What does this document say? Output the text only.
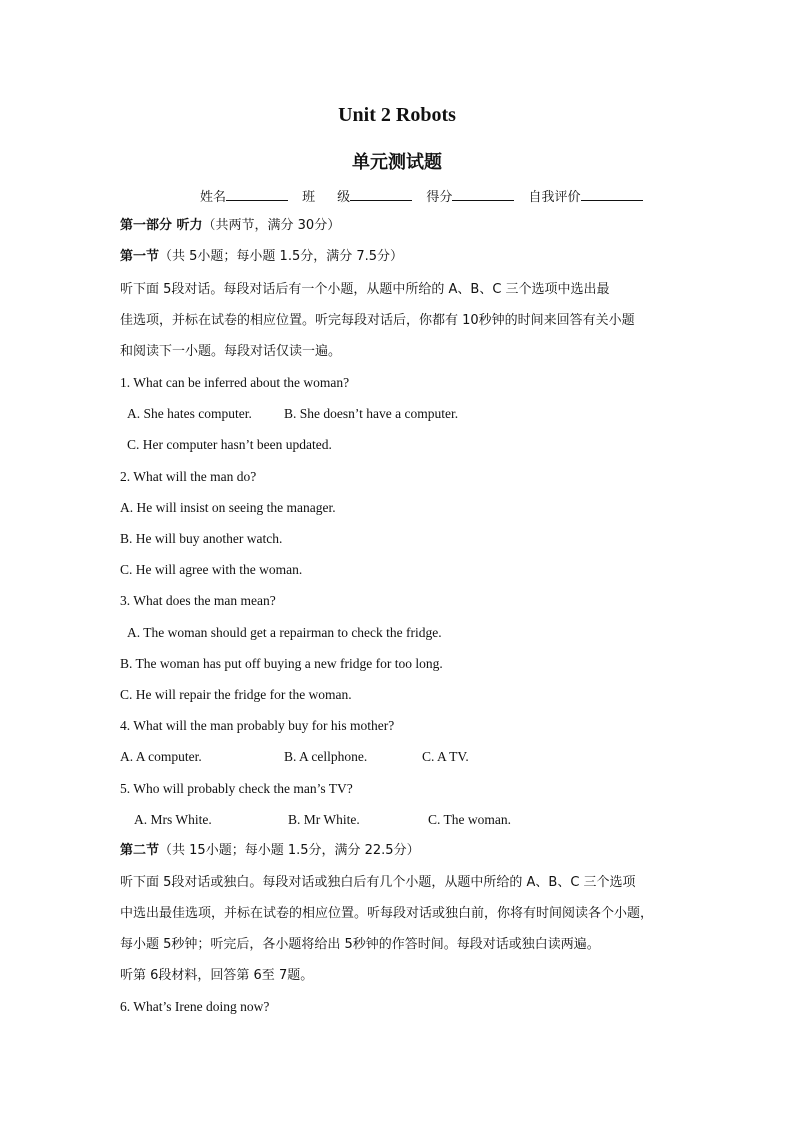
Unit 2 Robots
单元测试题
姓名	班 级	得分	自我评价
第一部分 听力（共两节，满分 30分）
第一节（共 5小题；每小题 1.5分，满分 7.5分）
听下面 5段对话。每段对话后有一个小题，从题中所给的 A、B、C 三个选项中选出最
佳选项，并标在试卷的相应位置。听完每段对话后，你都有 10秒钟的时间来回答有关小题
和阅读下一小题。每段对话仅读一遍。
1. What can be inferred about the woman?
A. She hates computer. B. She doesn’t have a computer.
C. Her computer hasn’t been updated.
2. What will the man do?
A. He will insist on seeing the manager.
B. He will buy another watch.
C. He will agree with the woman.
3. What does the man mean?
A. The woman should get a repairman to check the fridge.
B. The woman has put off buying a new fridge for too long.
C. He will repair the fridge for the woman.
4. What will the man probably buy for his mother?
A. A computer.	B. A cellphone.	C. A TV.
5. Who will probably check the man’s TV?
A. Mrs White.	B. Mr White.	C. The woman.
第二节（共 15小题；每小题 1.5分，满分 22.5分）
听下面 5段对话或独白。每段对话或独白后有几个小题，从题中所给的 A、B、C 三个选项
中选出最佳选项，并标在试卷的相应位置。听每段对话或独白前，你将有时间阅读各个小题，
每小题 5秒钟；听完后，各小题将给出 5秒钟的作答时间。每段对话或独白读两遍。
听第 6段材料，回答第 6至 7题。
6. What’s Irene doing now?
